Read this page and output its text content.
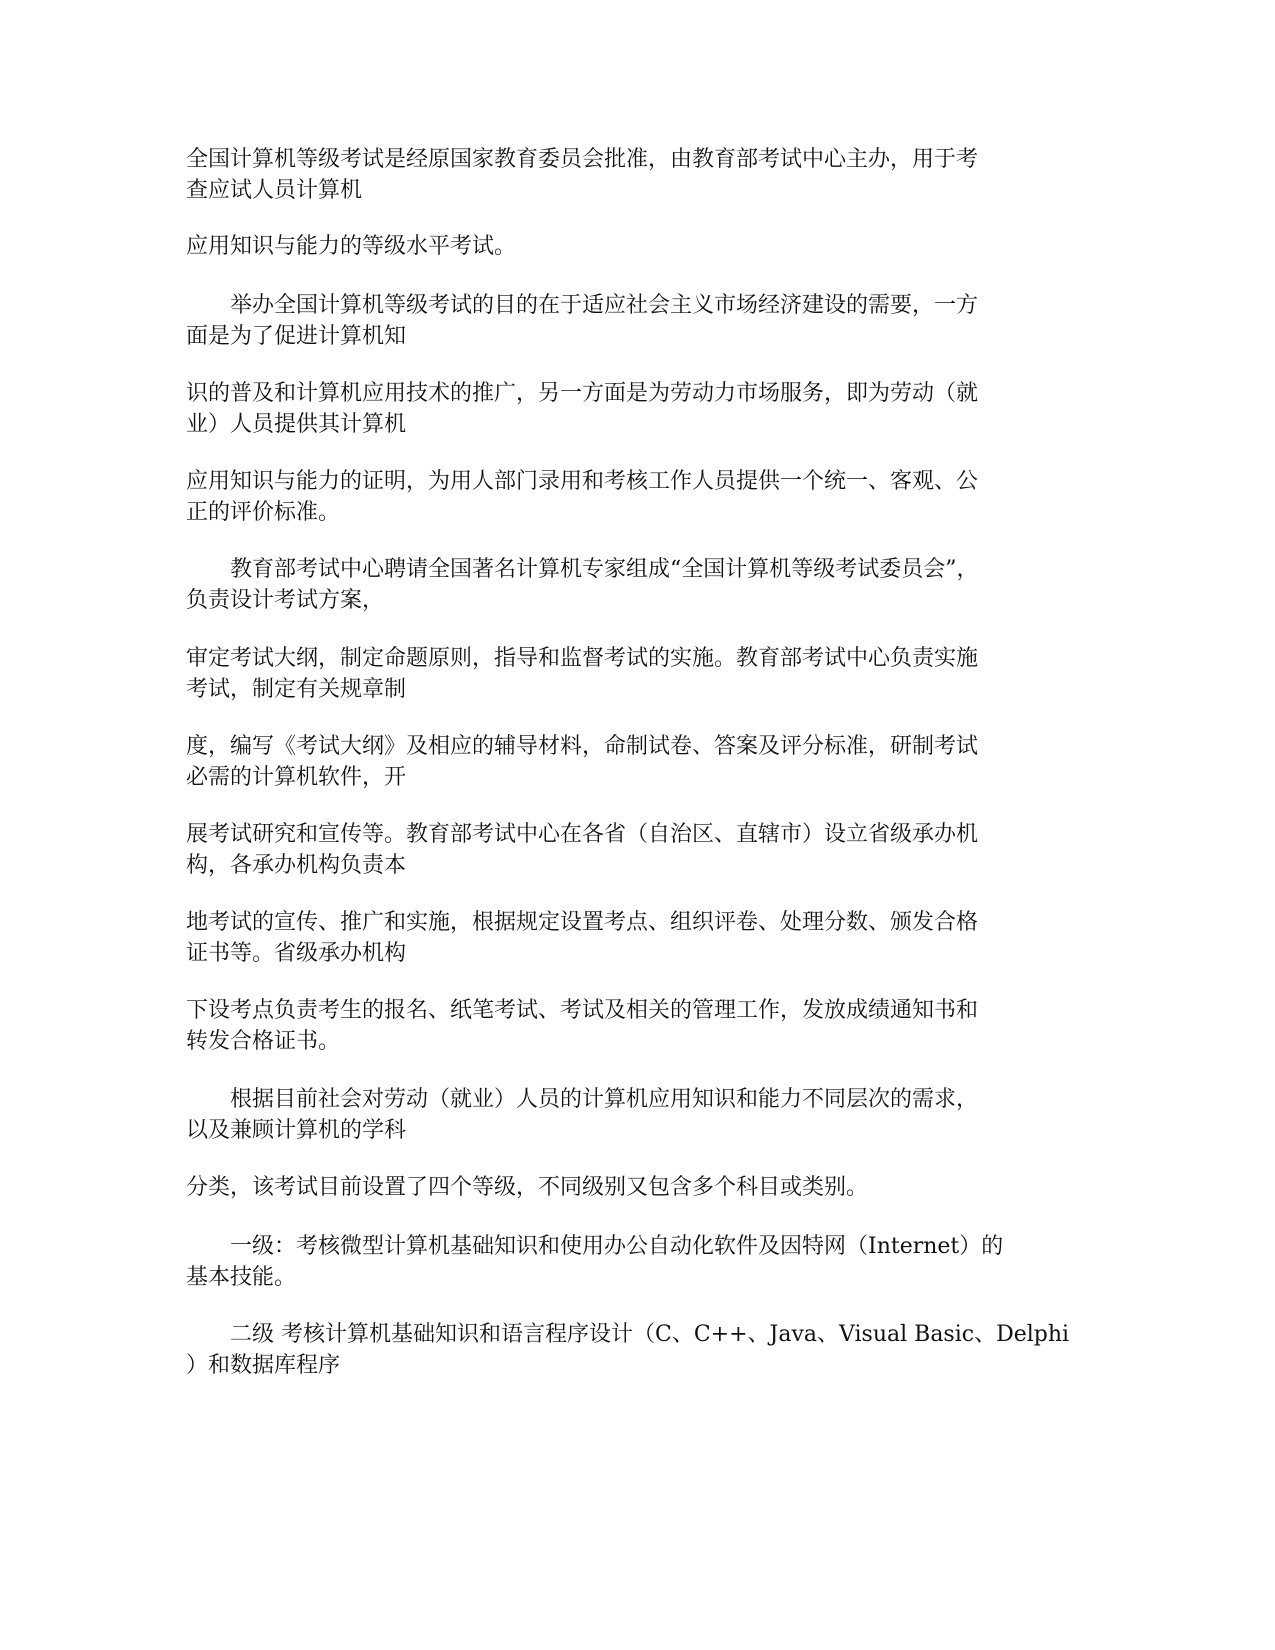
全国计算机等级考试是经原国家教育委员会批准，由教育部考试中心主办，用于考
查应试人员计算机

应用知识与能力的等级水平考试。

　　举办全国计算机等级考试的目的在于适应社会主义市场经济建设的需要，一方
面是为了促进计算机知

识的普及和计算机应用技术的推广，另一方面是为劳动力市场服务，即为劳动（就
业）人员提供其计算机

应用知识与能力的证明，为用人部门录用和考核工作人员提供一个统一、客观、公
正的评价标准。

　　教育部考试中心聘请全国著名计算机专家组成“全国计算机等级考试委员会”，
负责设计考试方案，

审定考试大纲，制定命题原则，指导和监督考试的实施。教育部考试中心负责实施
考试，制定有关规章制

度，编写《考试大纲》及相应的辅导材料，命制试卷、答案及评分标准，研制考试
必需的计算机软件，开

展考试研究和宣传等。教育部考试中心在各省（自治区、直辖市）设立省级承办机
构，各承办机构负责本

地考试的宣传、推广和实施，根据规定设置考点、组织评卷、处理分数、颁发合格
证书等。省级承办机构

下设考点负责考生的报名、纸笔考试、考试及相关的管理工作，发放成绩通知书和
转发合格证书。

　　根据目前社会对劳动（就业）人员的计算机应用知识和能力不同层次的需求，
以及兼顾计算机的学科

分类，该考试目前设置了四个等级，不同级别又包含多个科目或类别。

　　一级：考核微型计算机基础知识和使用办公自动化软件及因特网（Internet）的
基本技能。

　　二级 考核计算机基础知识和语言程序设计（C、C++、Java、Visual Basic、Delphi
）和数据库程序
